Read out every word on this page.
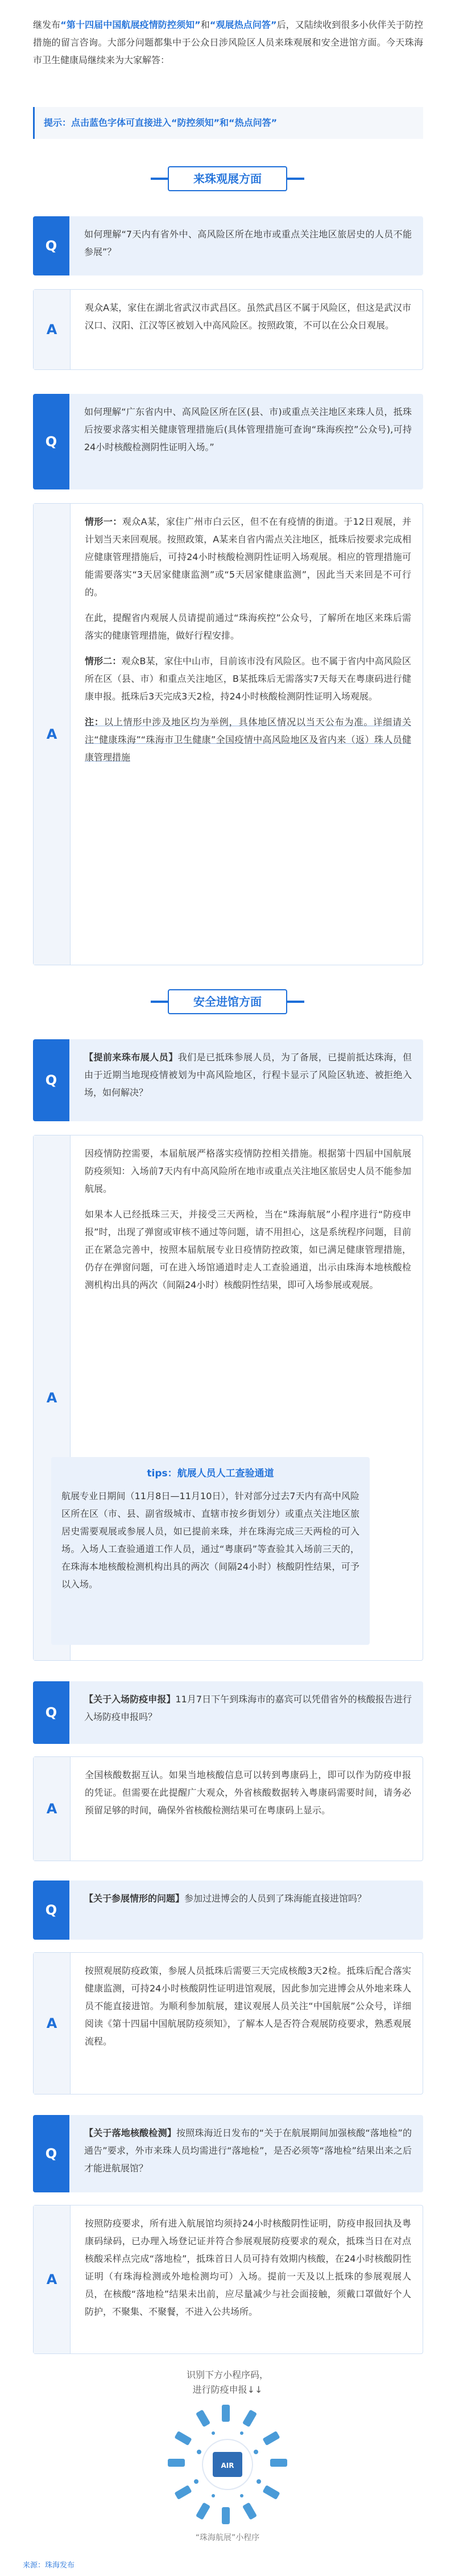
继发布“第十四届中国航展疫情防控须知”和“观展热点问答”后，又陆续收到很多小伙伴关于防控措施的留言咨询。大部分问题都集中于公众日涉风险区人员来珠观展和安全进馆方面。今天珠海市卫生健康局继续来为大家解答：
提示：点击蓝色字体可直接进入“防控须知”和“热点问答”
来珠观展方面
Q
如何理解“7天内有省外中、高风险区所在地市或重点关注地区旅居史的人员不能参展”？
A
观众A某，家住在湖北省武汉市武昌区。虽然武昌区不属于风险区，但这是武汉市汉口、汉阳、江汉等区被划入中高风险区。按照政策，不可以在公众日观展。
Q
如何理解“广东省内中、高风险区所在区(县、市)或重点关注地区来珠人员，抵珠后按要求落实相关健康管理措施后(具体管理措施可查询“珠海疾控”公众号),可持24小时核酸检测阴性证明入场。”
A
情形一：观众A某，家住广州市白云区，但不在有疫情的街道。于12日观展，并计划当天来回观展。按照政策，A某来自省内需点关注地区，抵珠后按要求完成相应健康管理措施后，可持24小时核酸检测阴性证明入场观展。相应的管理措施可能需要落实“3天居家健康监测”或“5天居家健康监测”，因此当天来回是不可行的。
在此，提醒省内观展人员请提前通过“珠海疾控”公众号，了解所在地区来珠后需落实的健康管理措施，做好行程安排。
情形二：观众B某，家住中山市，目前该市没有风险区。也不属于省内中高风险区所在区（县、市）和重点关注地区，B某抵珠后无需落实7天每天在粤康码进行健康申报。抵珠后3天完成3天2检，持24小时核酸检测阴性证明入场观展。
注：以上情形中涉及地区均为举例，具体地区情况以当天公布为准。详细请关注“健康珠海”“珠海市卫生健康”全国疫情中高风险地区及省内来（返）珠人员健康管理措施
安全进馆方面
Q
【提前来珠布展人员】我们是已抵珠参展人员，为了备展，已提前抵达珠海，但由于近期当地现疫情被划为中高风险地区，行程卡显示了风险区轨迹、被拒绝入场，如何解决？
A
因疫情防控需要，本届航展严格落实疫情防控相关措施。根据第十四届中国航展防疫须知：入场前7天内有中高风险所在地市或重点关注地区旅居史人员不能参加航展。
如果本人已经抵珠三天，并接受三天两检，当在“珠海航展”小程序进行“防疫申报”时，出现了弹窗或审核不通过等问题，请不用担心，这是系统程序问题，目前正在紧急完善中，按照本届航展专业日疫情防控政策，如已满足健康管理措施，仍存在弹窗问题，可在进入场馆通道时走人工查验通道，出示由珠海本地核酸检测机构出具的两次（间隔24小时）核酸阴性结果，即可入场参展或观展。
tips：航展人员人工查验通道
航展专业日期间（11月8日—11月10日），针对部分过去7天内有高中风险区所在区（市、县、副省级城市、直辖市按乡街划分）或重点关注地区旅居史需要观展或参展人员，如已提前来珠，并在珠海完成三天两检的可入场。入场人工查验通道工作人员，通过“粤康码”等查验其入场前三天的，在珠海本地核酸检测机构出具的两次（间隔24小时）核酸阴性结果，可予以入场。
Q
【关于入场防疫申报】11月7日下午到珠海市的嘉宾可以凭借省外的核酸报告进行入场防疫申报吗？
A
全国核酸数据互认。如果当地核酸信息可以转到粤康码上，即可以作为防疫申报的凭证。但需要在此提醒广大观众，外省核酸数据转入粤康码需要时间，请务必预留足够的时间，确保外省核酸检测结果可在粤康码上显示。
Q
【关于参展情形的问题】参加过进博会的人员到了珠海能直接进馆吗？
A
按照观展防疫政策，参展人员抵珠后需要三天完成核酸3天2检。抵珠后配合落实健康监测，可持24小时核酸阴性证明进馆观展，因此参加完进博会从外地来珠人员不能直接进馆。为顺利参加航展，建议观展人员关注“中国航展”公众号，详细阅读《第十四届中国航展防疫须知》，了解本人是否符合观展防疫要求，熟悉观展流程。
Q
【关于落地核酸检测】按照珠海近日发布的“关于在航展期间加强核酸“落地检”的通告”要求，外市来珠人员均需进行“落地检”，是否必须等“落地检”结果出来之后才能进航展馆？
A
按照防疫要求，所有进入航展馆均须持24小时核酸阴性证明，防疫申报回执及粤康码绿码，已办理入场登记证并符合参展观展防疫要求的观众，抵珠当日在对点核酸采样点完成“落地检”，抵珠首日人员可持有效期内核酸，在24小时核酸阴性证明（有珠海检测或外地检测均可）入场。提前一天及以上抵珠的参展观展人员，在核酸“落地检”结果未出前，应尽量减少与社会面接触，须戴口罩做好个人防护，不聚集、不聚餐，不进入公共场所。
识别下方小程序码，
进行防疫申报↓↓
AIR
“珠海航展”小程序
来源：珠海发布
